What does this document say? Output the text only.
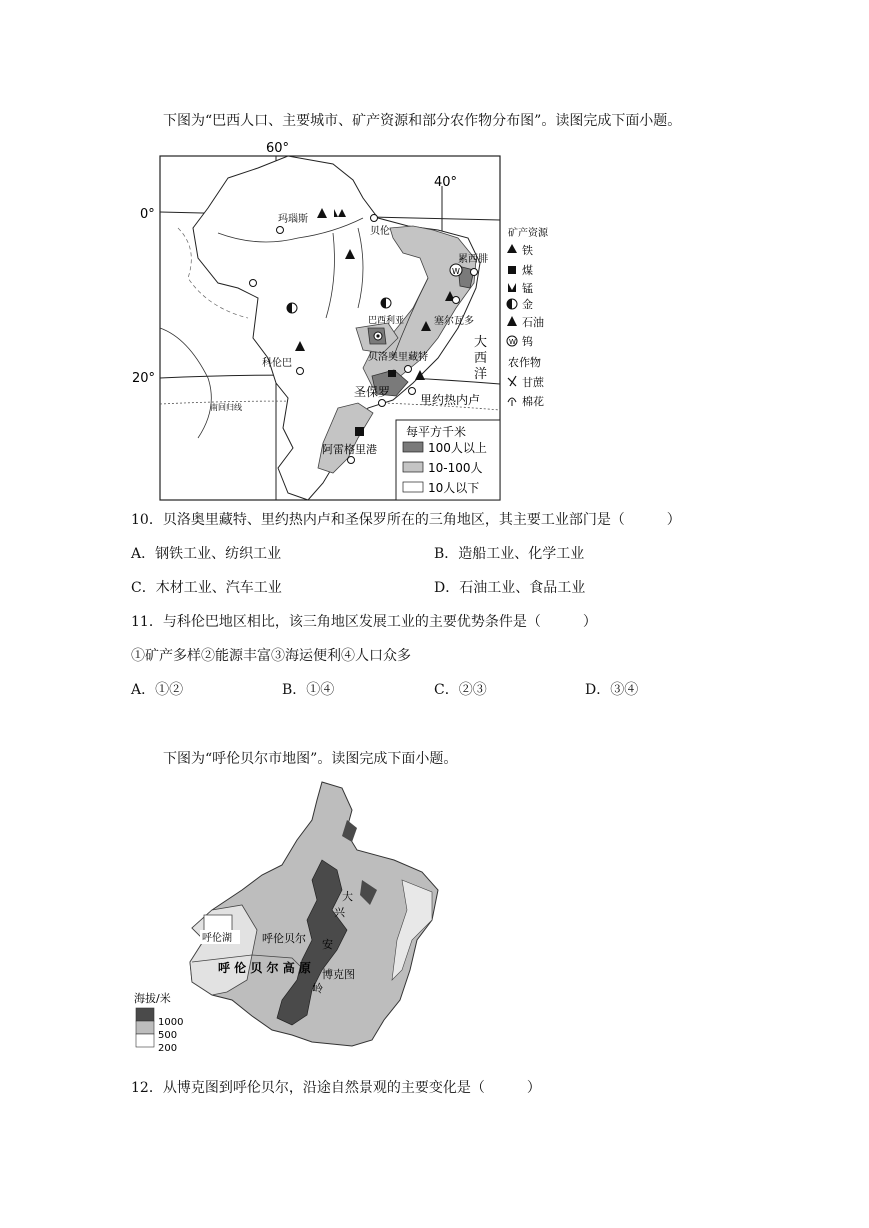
下图为“巴西人口、主要城市、矿产资源和部分农作物分布图”。读图完成下面小题。
W
60°
40°
0°
20°
玛瑙斯
贝伦
累西腓
塞尔瓦多
巴西利亚
科伦巴
贝洛奥里藏特
圣保罗
里约热内卢
阿雷格里港
大
西
洋
南回归线
每平方千米
100人以上
10-100人
10人以下
矿产资源
铁
煤
锰
金
石油
W 钨
农作物
甘蔗
棉花
10．贝洛奥里藏特、里约热内卢和圣保罗所在的三角地区，其主要工业部门是（　　　）
A．钢铁工业、纺织工业	B．造船工业、化学工业
C．木材工业、汽车工业	D．石油工业、食品工业
11．与科伦巴地区相比，该三角地区发展工业的主要优势条件是（　　　）
①矿产多样②能源丰富③海运便利④人口众多
A．①②	B．①④	C．②③	D．③④
下图为“呼伦贝尔市地图”。读图完成下面小题。
呼伦湖	呼伦贝尔
呼 伦 贝 尔 高 原 博克图
大
兴
安
岭
海拔/米
1000
500
200
12．从博克图到呼伦贝尔，沿途自然景观的主要变化是（　　　）
